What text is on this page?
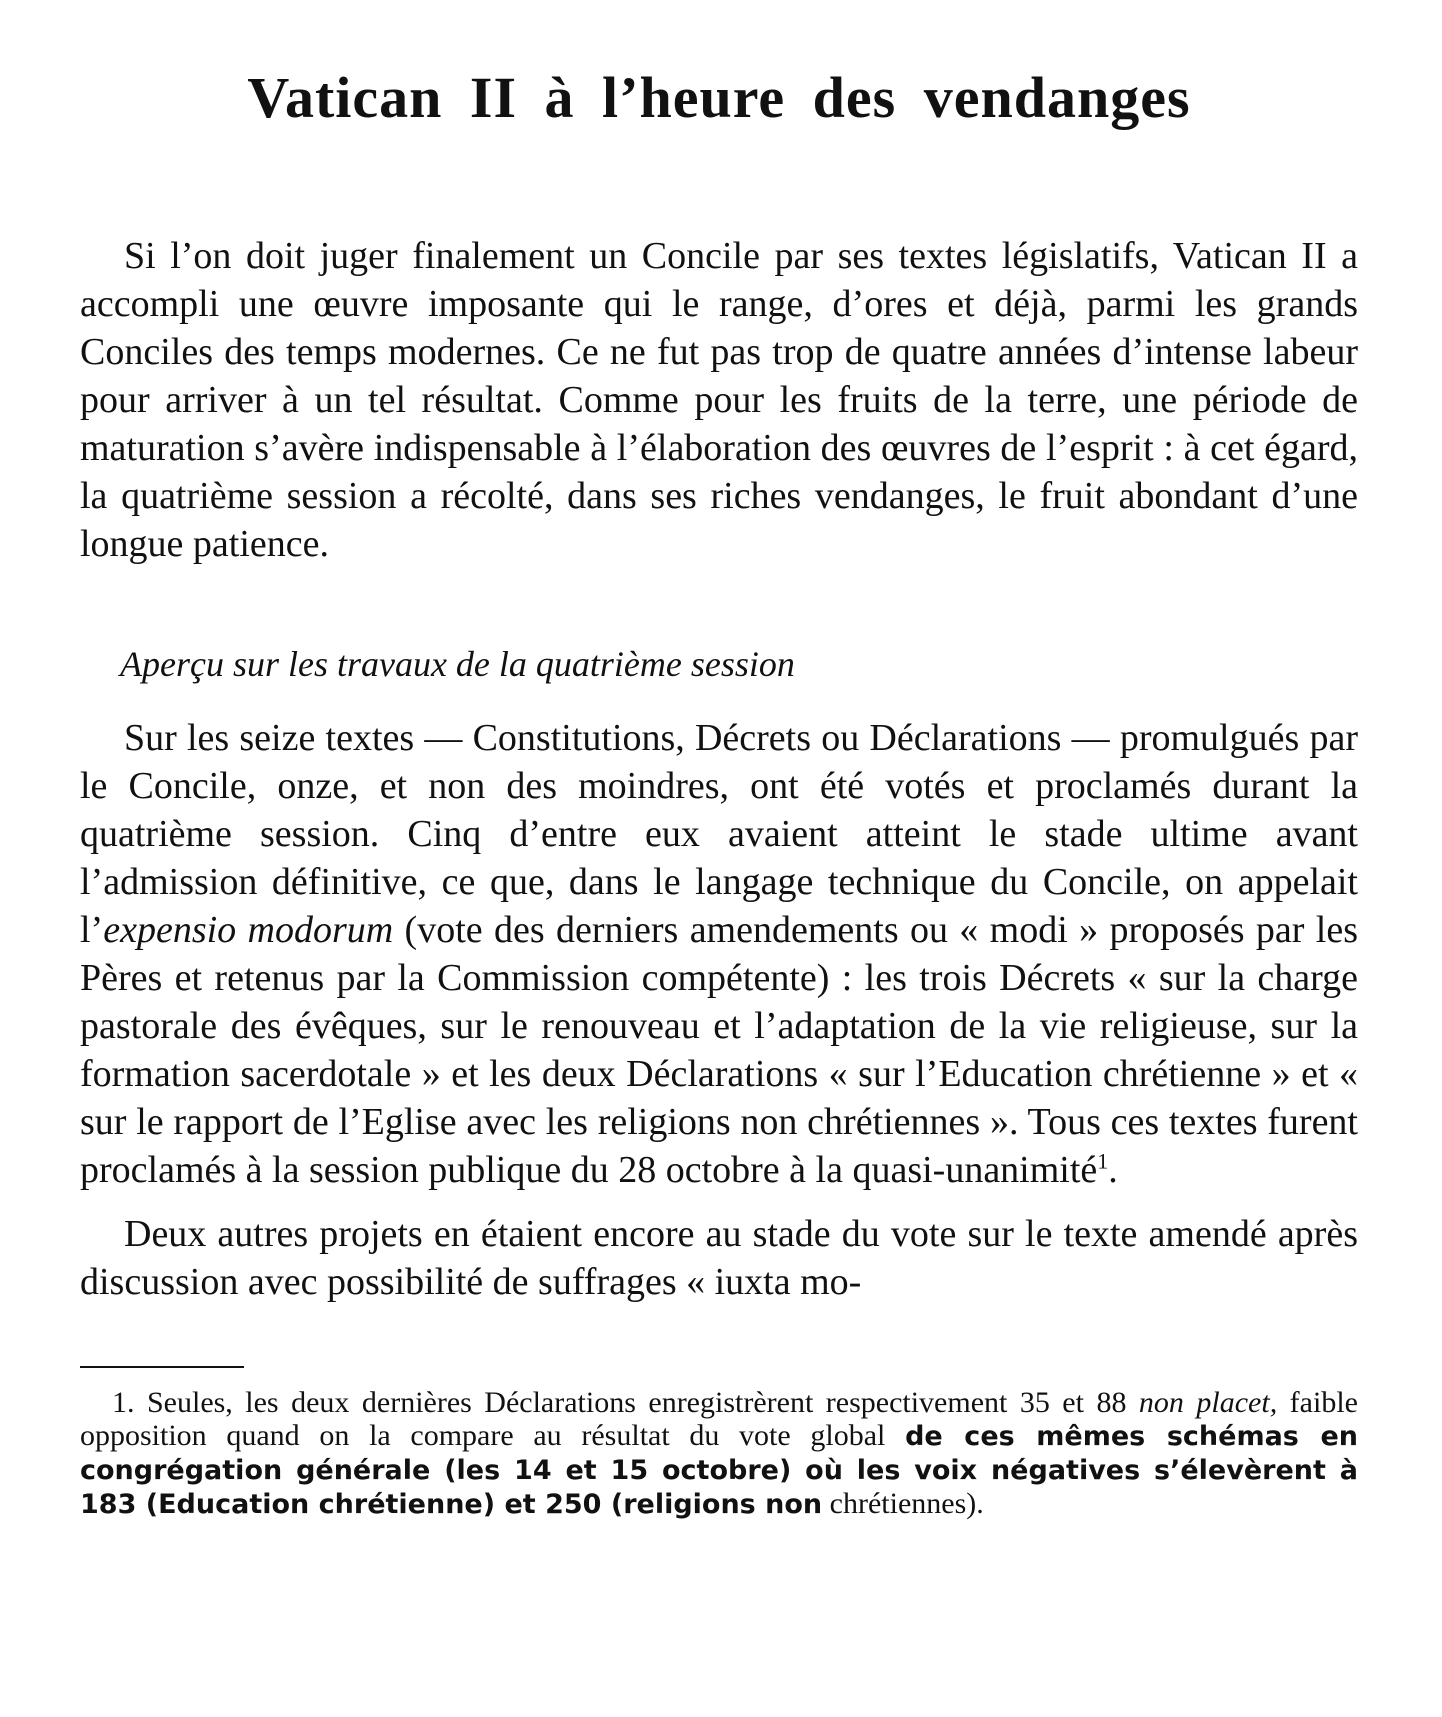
Vatican II à l’heure des vendanges

Si l’on doit juger finalement un Concile par ses textes législatifs, Vatican II a accompli une œuvre imposante qui le range, d’ores et déjà, parmi les grands Conciles des temps modernes. Ce ne fut pas trop de quatre années d’intense labeur pour arriver à un tel résultat. Comme pour les fruits de la terre, une période de maturation s’avère indispensable à l’élaboration des œuvres de l’esprit : à cet égard, la quatrième session a récolté, dans ses riches vendanges, le fruit abondant d’une longue patience.

Aperçu sur les travaux de la quatrième session

Sur les seize textes — Constitutions, Décrets ou Déclarations — promulgués par le Concile, onze, et non des moindres, ont été votés et proclamés durant la quatrième session. Cinq d’entre eux avaient atteint le stade ultime avant l’admission définitive, ce que, dans le langage technique du Concile, on appelait l’expensio modorum (vote des derniers amendements ou « modi » proposés par les Pères et retenus par la Commission compétente) : les trois Décrets « sur la charge pastorale des évêques, sur le renouveau et l’adaptation de la vie religieuse, sur la formation sacerdotale » et les deux Déclarations « sur l’Education chrétienne » et « sur le rapport de l’Eglise avec les religions non chrétiennes ». Tous ces textes furent proclamés à la session publique du 28 octobre à la quasi-unanimité$^1$.

Deux autres projets en étaient encore au stade du vote sur le texte amendé après discussion avec possibilité de suffrages « iuxta mo-

1. Seules, les deux dernières Déclarations enregistrèrent respectivement 35 et 88 non placet, faible opposition quand on la compare au résultat du vote global de ces mêmes schémas en congrégation générale (les 14 et 15 octobre) où les voix négatives s’élevèrent à 183 (Education chrétienne) et 250 (religions non chrétiennes).
